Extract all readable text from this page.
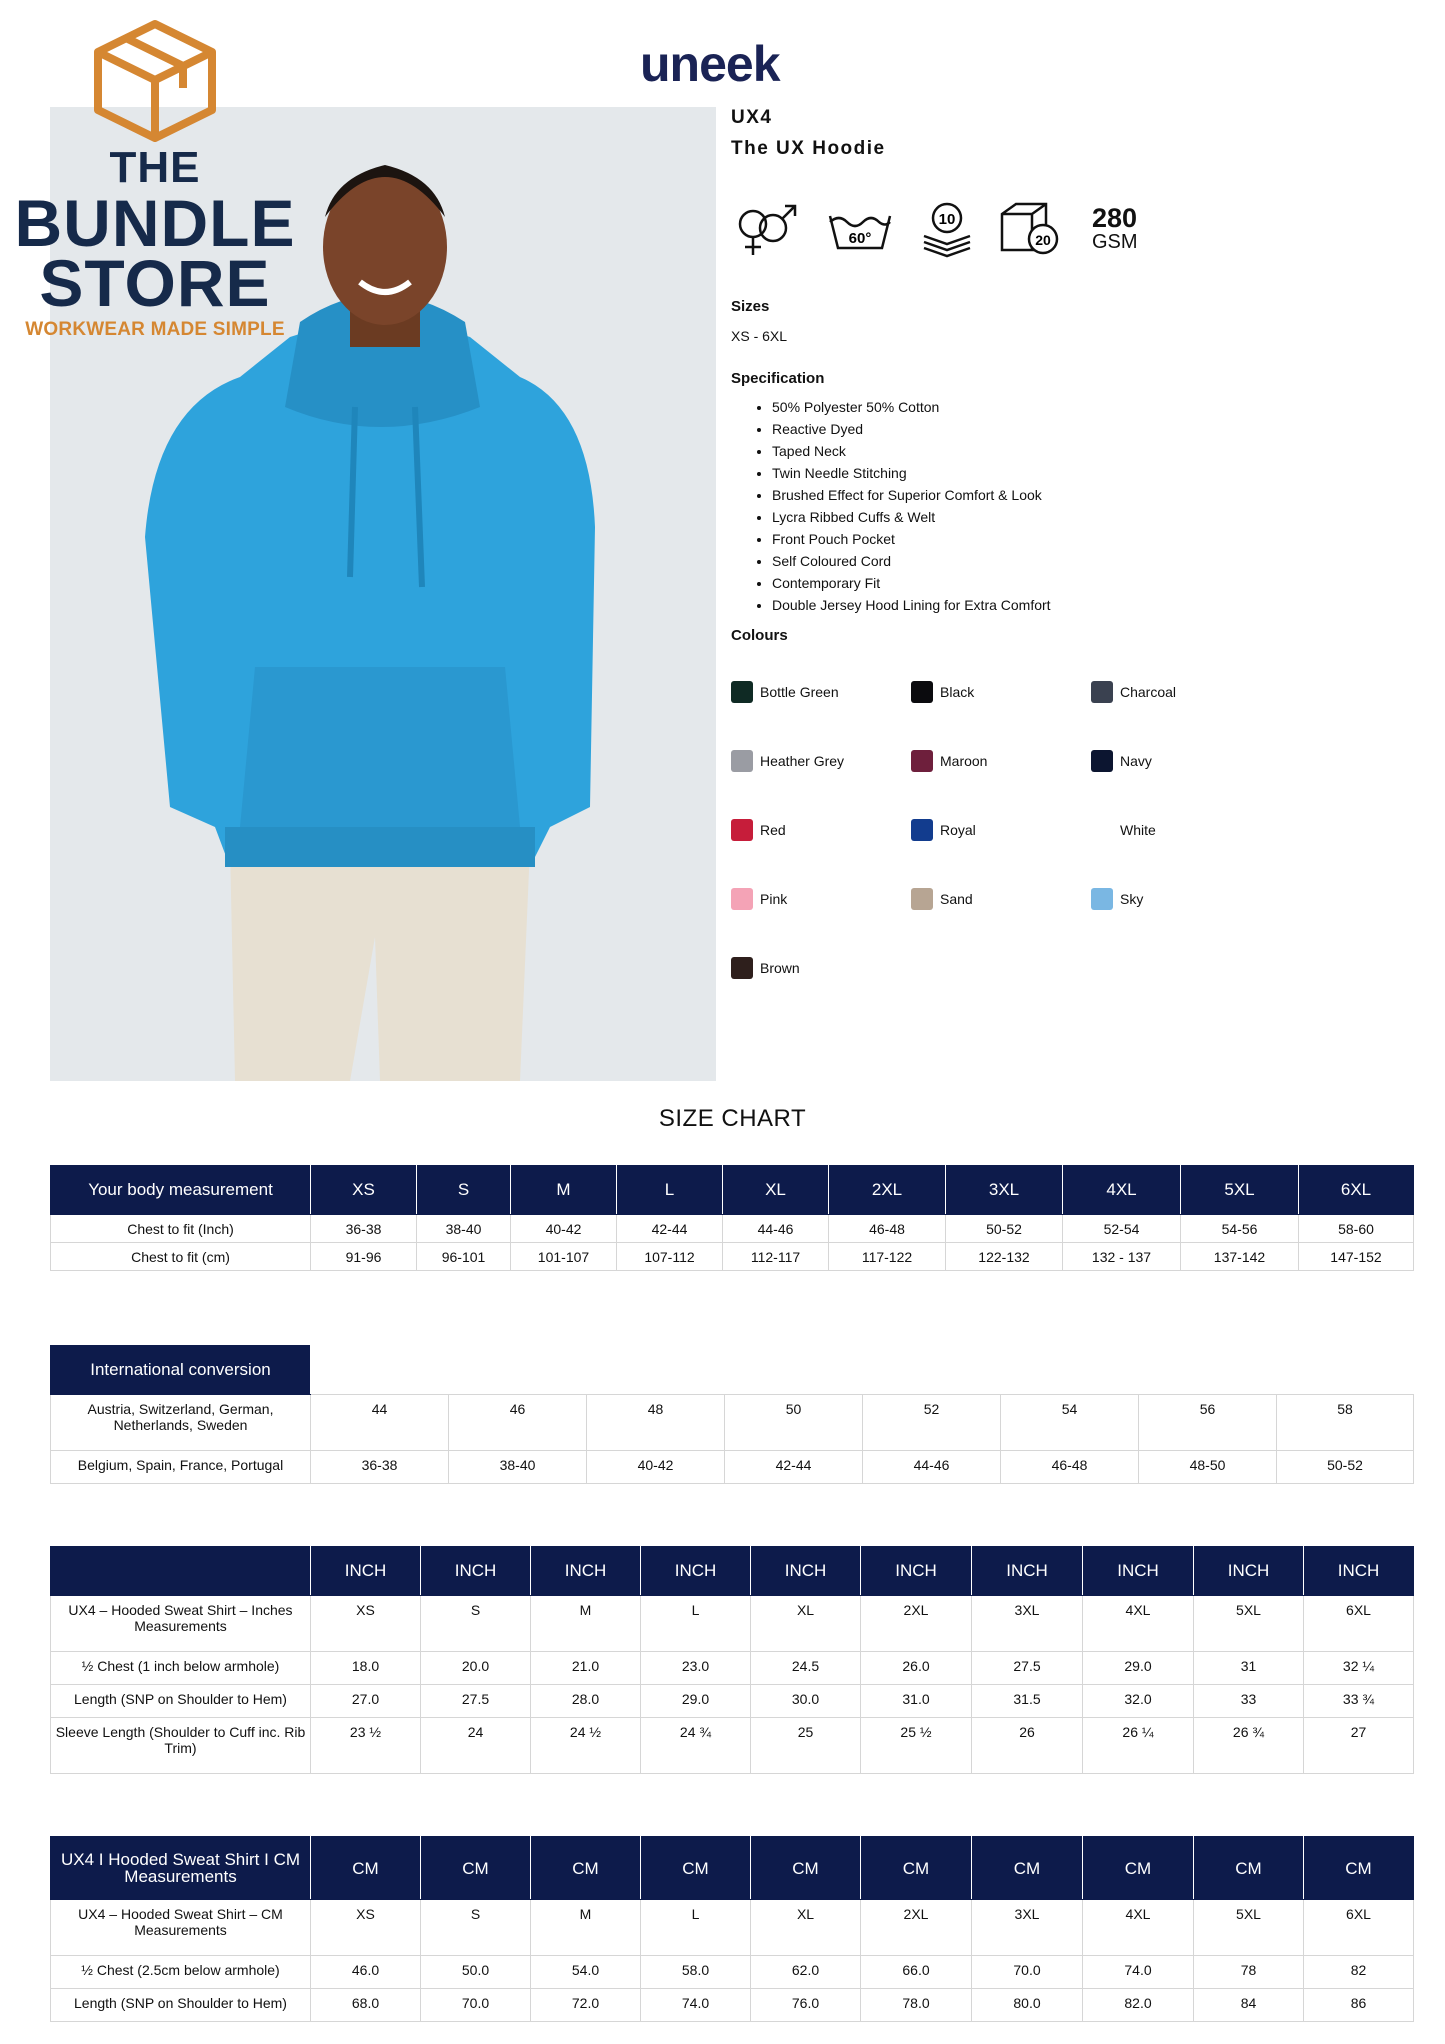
THE
BUNDLE
STORE
WORKWEAR MADE SIMPLE
uneek
UX4
The UX Hoodie
60°
10
20
280
GSM
Sizes
XS - 6XL
Specification
• 50% Polyester 50% Cotton
• Reactive Dyed
• Taped Neck
• Twin Needle Stitching
• Brushed Effect for Superior Comfort & Look
• Lycra Ribbed Cuffs & Welt
• Front Pouch Pocket
• Self Coloured Cord
• Contemporary Fit
• Double Jersey Hood Lining for Extra Comfort
Colours
Bottle Green	Black	Charcoal
Heather Grey	Maroon	Navy
Red	Royal	White
Pink	Sand	Sky
Brown
SIZE CHART
Your body measurement	XS	S	M	L	XL	2XL	3XL	4XL	5XL	6XL
Chest to fit (Inch)	36-38	38-40	40-42	42-44	44-46	46-48	50-52	52-54	54-56	58-60
Chest to fit (cm)	91-96	96-101	101-107	107-112	112-117	117-122	122-132	132 - 137	137-142	147-152
International conversion								
Austria, Switzerland, German, Netherlands, Sweden	44	46	48	50	52	54	56	58
Belgium, Spain, France, Portugal	36-38	38-40	40-42	42-44	44-46	46-48	48-50	50-52
	INCH	INCH	INCH	INCH	INCH	INCH	INCH	INCH	INCH	INCH
UX4 – Hooded Sweat Shirt – Inches Measurements	XS	S	M	L	XL	2XL	3XL	4XL	5XL	6XL
½ Chest (1 inch below armhole)	18.0	20.0	21.0	23.0	24.5	26.0	27.5	29.0	31	32 ¼
Length (SNP on Shoulder to Hem)	27.0	27.5	28.0	29.0	30.0	31.0	31.5	32.0	33	33 ¾
Sleeve Length (Shoulder to Cuff inc. Rib Trim)	23 ½	24	24 ½	24 ¾	25	25 ½	26	26 ¼	26 ¾	27
UX4 I Hooded Sweat Shirt I CM Measurements	CM	CM	CM	CM	CM	CM	CM	CM	CM	CM
UX4 – Hooded Sweat Shirt – CM Measurements	XS	S	M	L	XL	2XL	3XL	4XL	5XL	6XL
½ Chest (2.5cm below armhole)	46.0	50.0	54.0	58.0	62.0	66.0	70.0	74.0	78	82
Length (SNP on Shoulder to Hem)	68.0	70.0	72.0	74.0	76.0	78.0	80.0	82.0	84	86
